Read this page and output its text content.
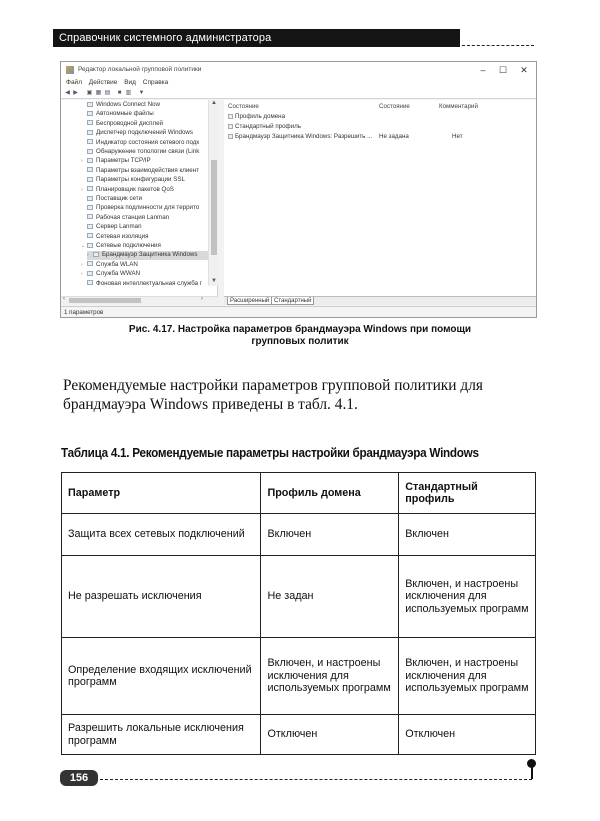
Справочник системного администратора
Редактор локальной групповой политики	–	☐	✕
Файл Действие Вид Справка
◀ ▶ ▣ ▦ ▤ ■ ▥ ▼
Windows Connect Now
Автономные файлы
Беспроводной дисплей
Диспетчер подключений Windows
Индикатор состояния сетевого подк
Обнаружение топологии связи (Link
› Параметры TCP/IP
Параметры взаимодействия клиент
Параметры конфигурации SSL
› Планировщик пакетов QoS
Поставщик сети
Проверка подлинности для террито
Рабочая станция Lanman
Сервер Lanman
Сетевая изоляция
⌄ Сетевые подключения
› Брандмауэр Защитника Windows
› Служба WLAN
› Служба WWAN
Фоновая интеллектуальная служба г
▲
▼
‹	›
Состояние	Состояние	Комментарий
Профиль домена
Стандартный профиль
Брандмауэр Защитника Windows: Разрешить ... Не задана	Нет
Расширенный Стандартный
1 параметров
Рис. 4.17. Настройка параметров брандмауэра Windows при помощи
групповых политик
Рекомендуемые настройки параметров групповой политики для брандмауэра Windows приведены в табл. 4.1.
Таблица 4.1. Рекомендуемые параметры настройки брандмауэра Windows
Параметр	Профиль домена	Стандартный профиль
Защита всех сетевых подключений	Включен	Включен
Не разрешать исключения	Не задан	Включен, и настроены исключения для используемых программ
Определение входящих исключений программ	Включен, и настроены исключения для используемых программ	Включен, и настроены исключения для используемых программ
Разрешить локальные исключения программ	Отключен	Отключен
156
